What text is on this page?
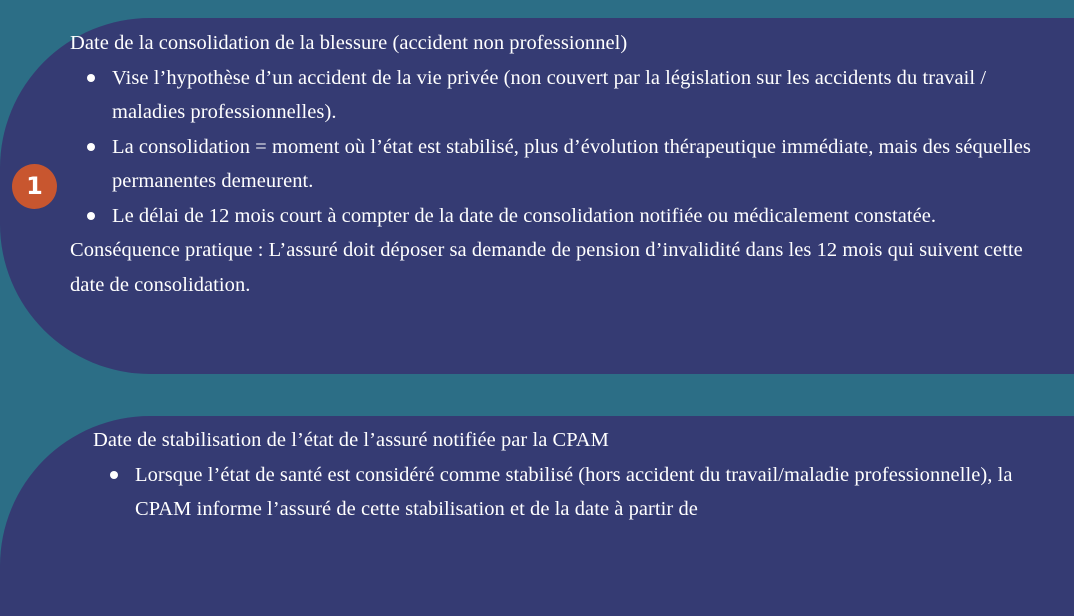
Date de la consolidation de la blessure (accident non professionnel)

Vise l’hypothèse d’un accident de la vie privée (non couvert par la législation sur les accidents du travail / maladies professionnelles).
La consolidation = moment où l’état est stabilisé, plus d’évolution thérapeutique immédiate, mais des séquelles permanentes demeurent.
Le délai de 12 mois court à compter de la date de consolidation notifiée ou médicalement constatée.

Conséquence pratique : L’assuré doit déposer sa demande de pension d’invalidité dans les 12 mois qui suivent cette date de consolidation.

1

Date de stabilisation de l’état de l’assuré notifiée par la CPAM

Lorsque l’état de santé est considéré comme stabilisé (hors accident du travail/maladie professionnelle), la CPAM informe l’assuré de cette stabilisation et de la date à partir de
